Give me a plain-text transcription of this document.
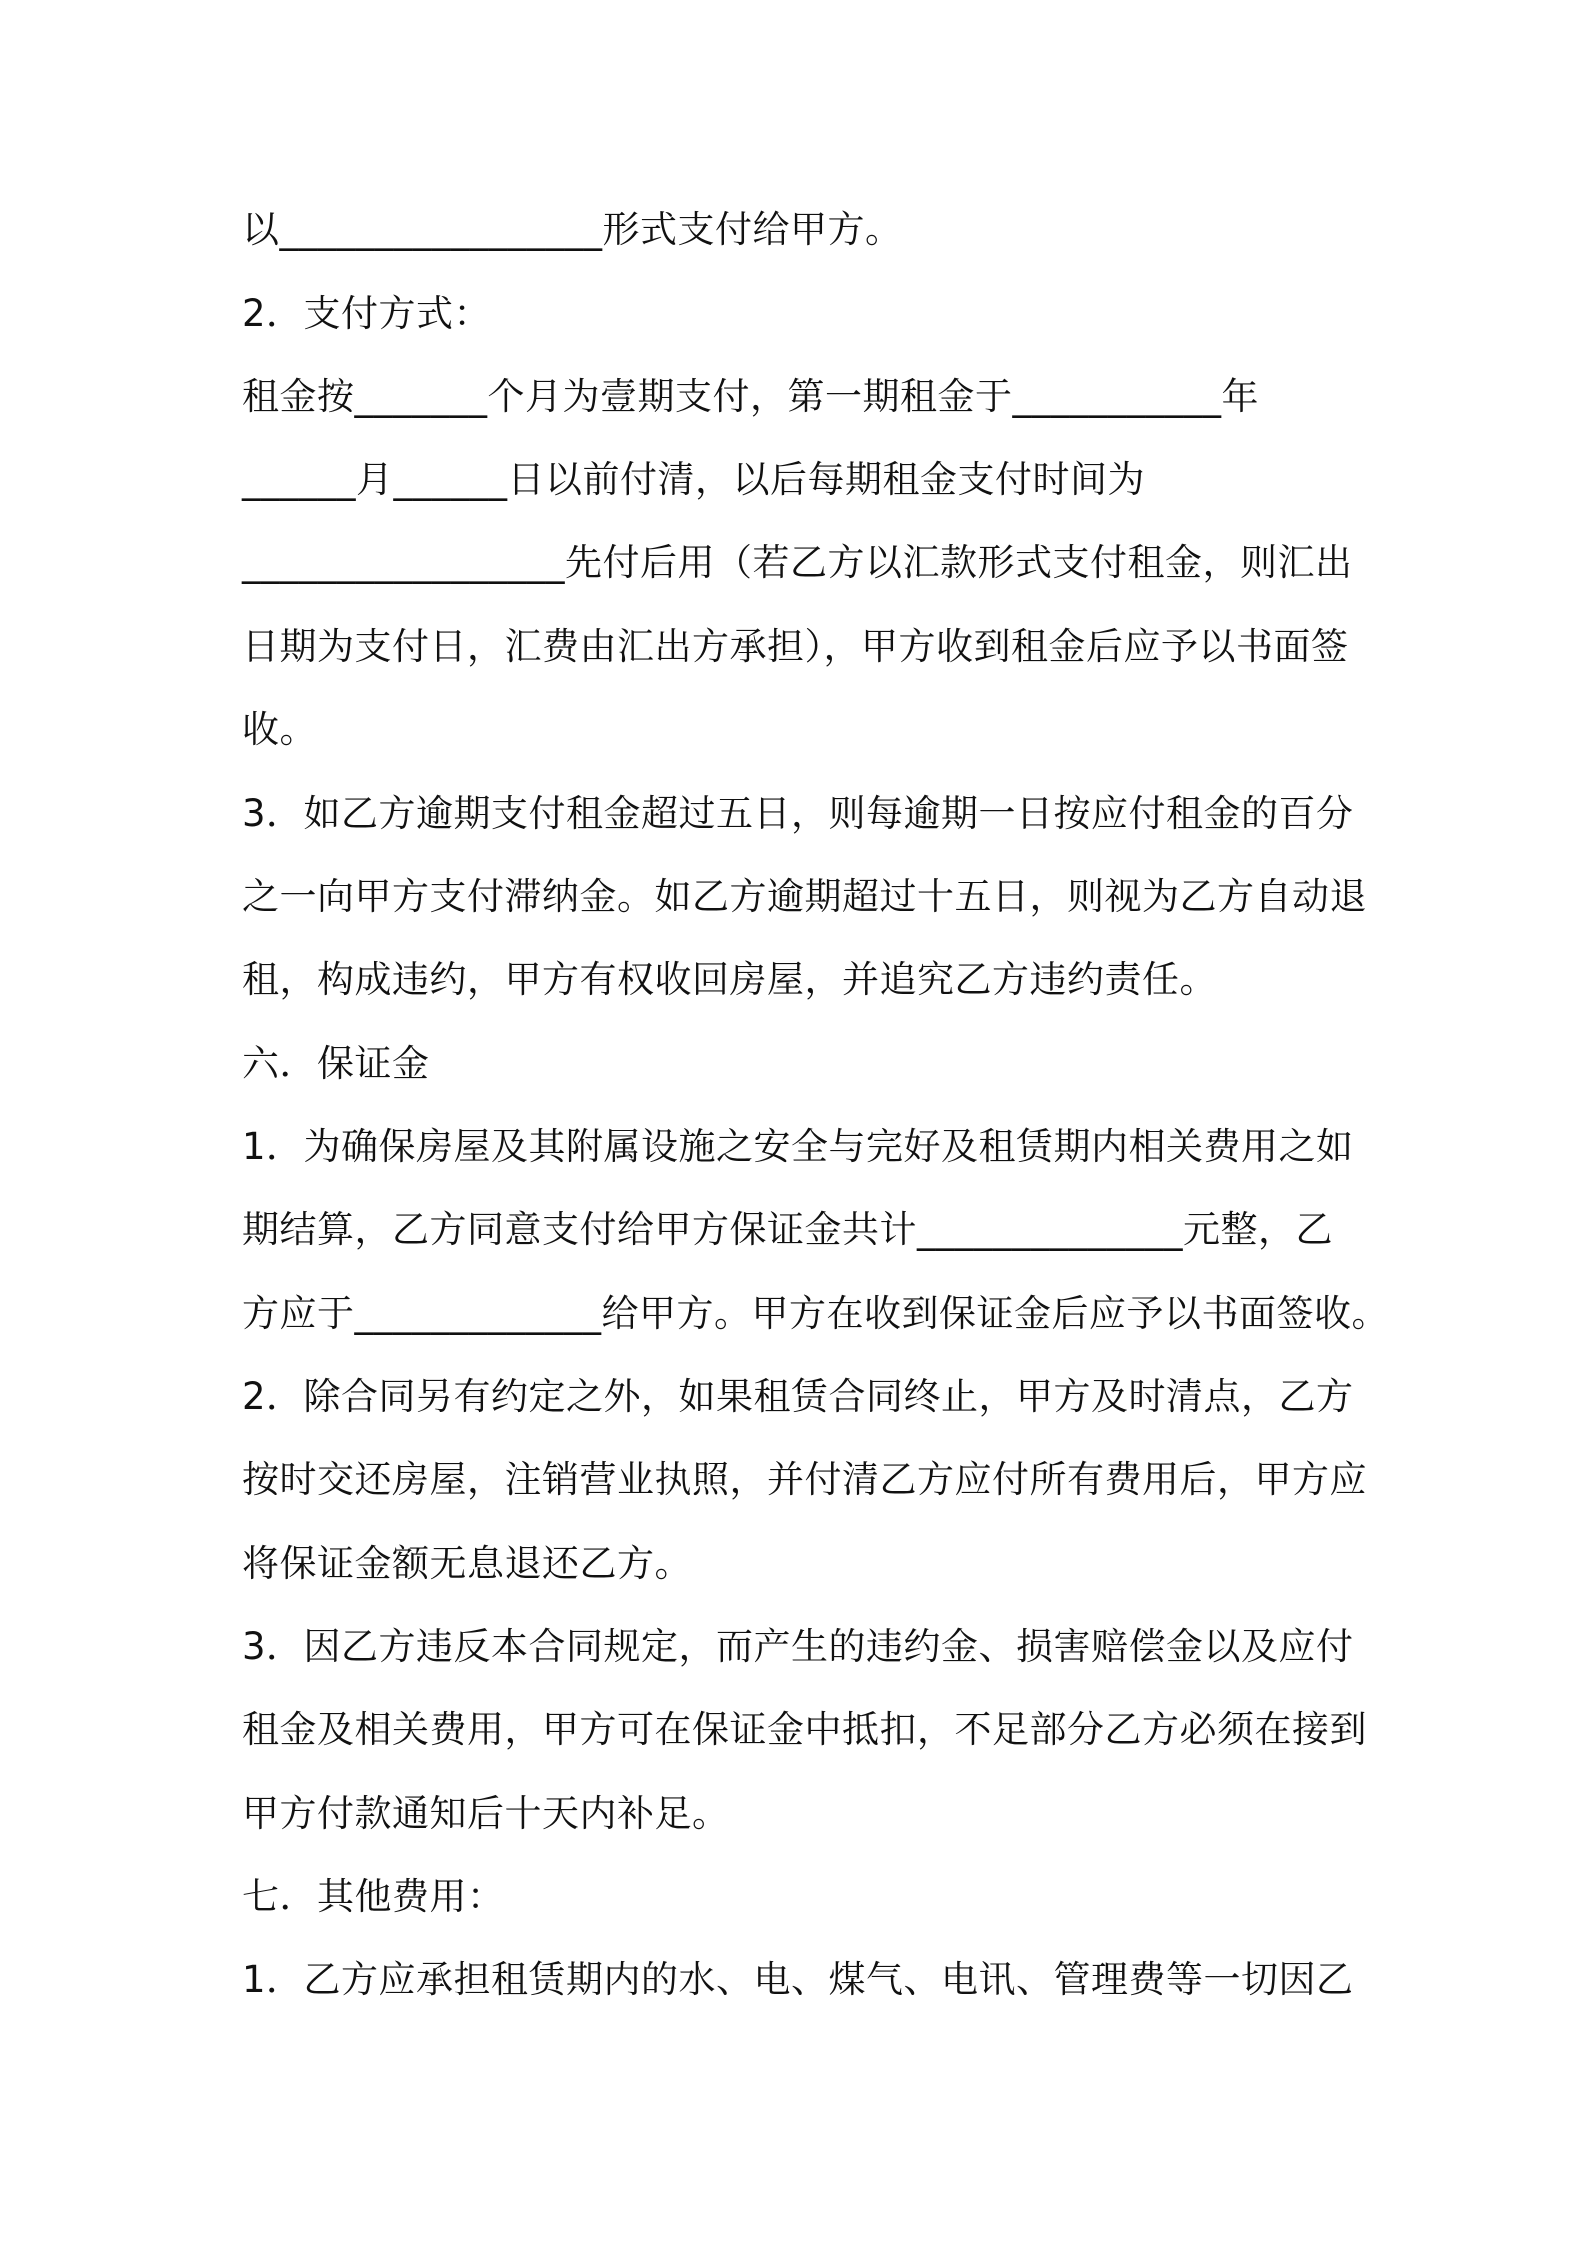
以_________________形式支付给甲方。
2．支付方式：
租金按_______个月为壹期支付，第一期租金于___________年
______月______日以前付清，以后每期租金支付时间为
_________________先付后用（若乙方以汇款形式支付租金，则汇出
日期为支付日，汇费由汇出方承担），甲方收到租金后应予以书面签
收。
3．如乙方逾期支付租金超过五日，则每逾期一日按应付租金的百分
之一向甲方支付滞纳金。如乙方逾期超过十五日，则视为乙方自动退
租，构成违约，甲方有权收回房屋，并追究乙方违约责任。
六．保证金
1．为确保房屋及其附属设施之安全与完好及租赁期内相关费用之如
期结算，乙方同意支付给甲方保证金共计______________元整，乙
方应于_____________给甲方。甲方在收到保证金后应予以书面签收。
2．除合同另有约定之外，如果租赁合同终止，甲方及时清点，乙方
按时交还房屋，注销营业执照，并付清乙方应付所有费用后，甲方应
将保证金额无息退还乙方。
3．因乙方违反本合同规定，而产生的违约金、损害赔偿金以及应付
租金及相关费用，甲方可在保证金中抵扣，不足部分乙方必须在接到
甲方付款通知后十天内补足。
七．其他费用：
1．乙方应承担租赁期内的水、电、煤气、电讯、管理费等一切因乙
